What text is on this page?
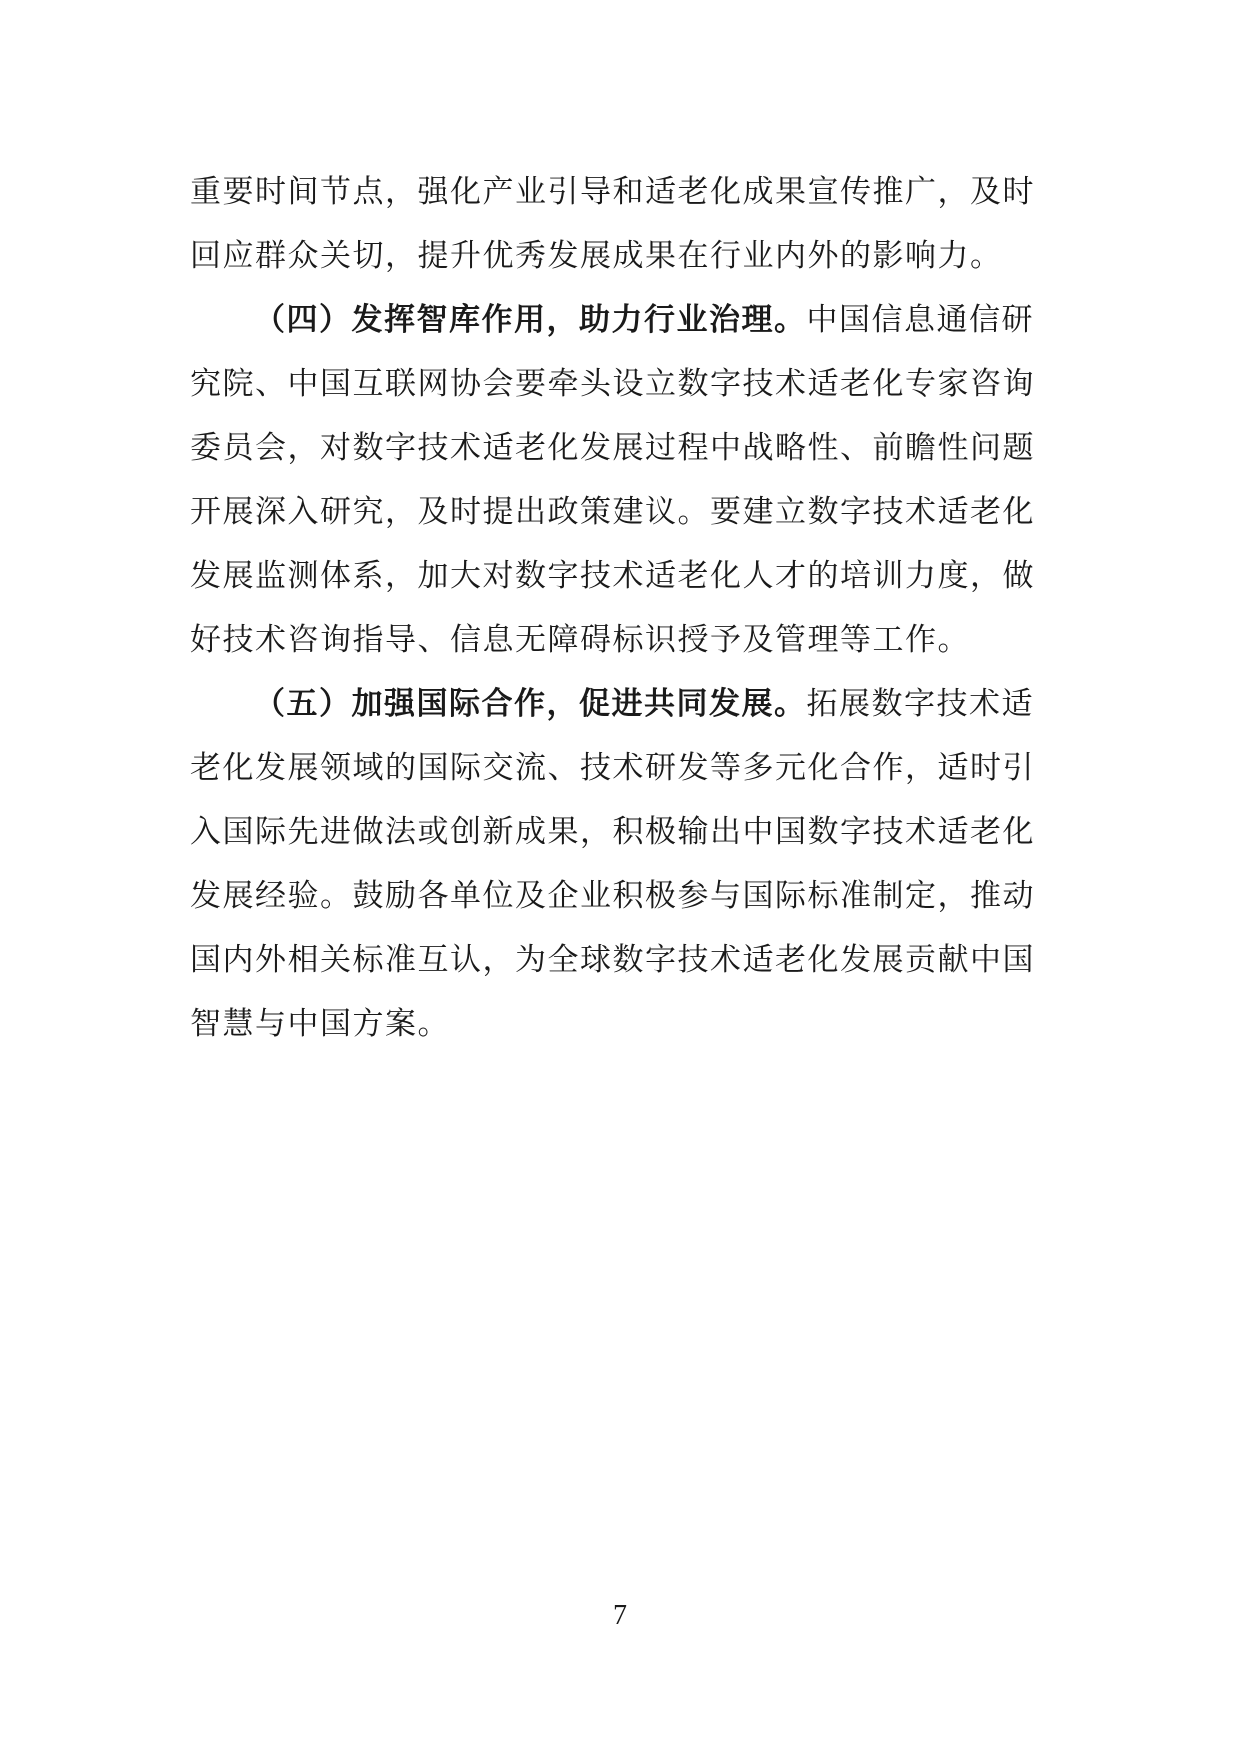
重要时间节点，强化产业引导和适老化成果宣传推广，及时
回应群众关切，提升优秀发展成果在行业内外的影响力。
（四）发挥智库作用，助力行业治理。中国信息通信研
究院、中国互联网协会要牵头设立数字技术适老化专家咨询
委员会，对数字技术适老化发展过程中战略性、前瞻性问题
开展深入研究，及时提出政策建议。要建立数字技术适老化
发展监测体系，加大对数字技术适老化人才的培训力度，做
好技术咨询指导、信息无障碍标识授予及管理等工作。
（五）加强国际合作，促进共同发展。拓展数字技术适
老化发展领域的国际交流、技术研发等多元化合作，适时引
入国际先进做法或创新成果，积极输出中国数字技术适老化
发展经验。鼓励各单位及企业积极参与国际标准制定，推动
国内外相关标准互认，为全球数字技术适老化发展贡献中国
智慧与中国方案。
7
